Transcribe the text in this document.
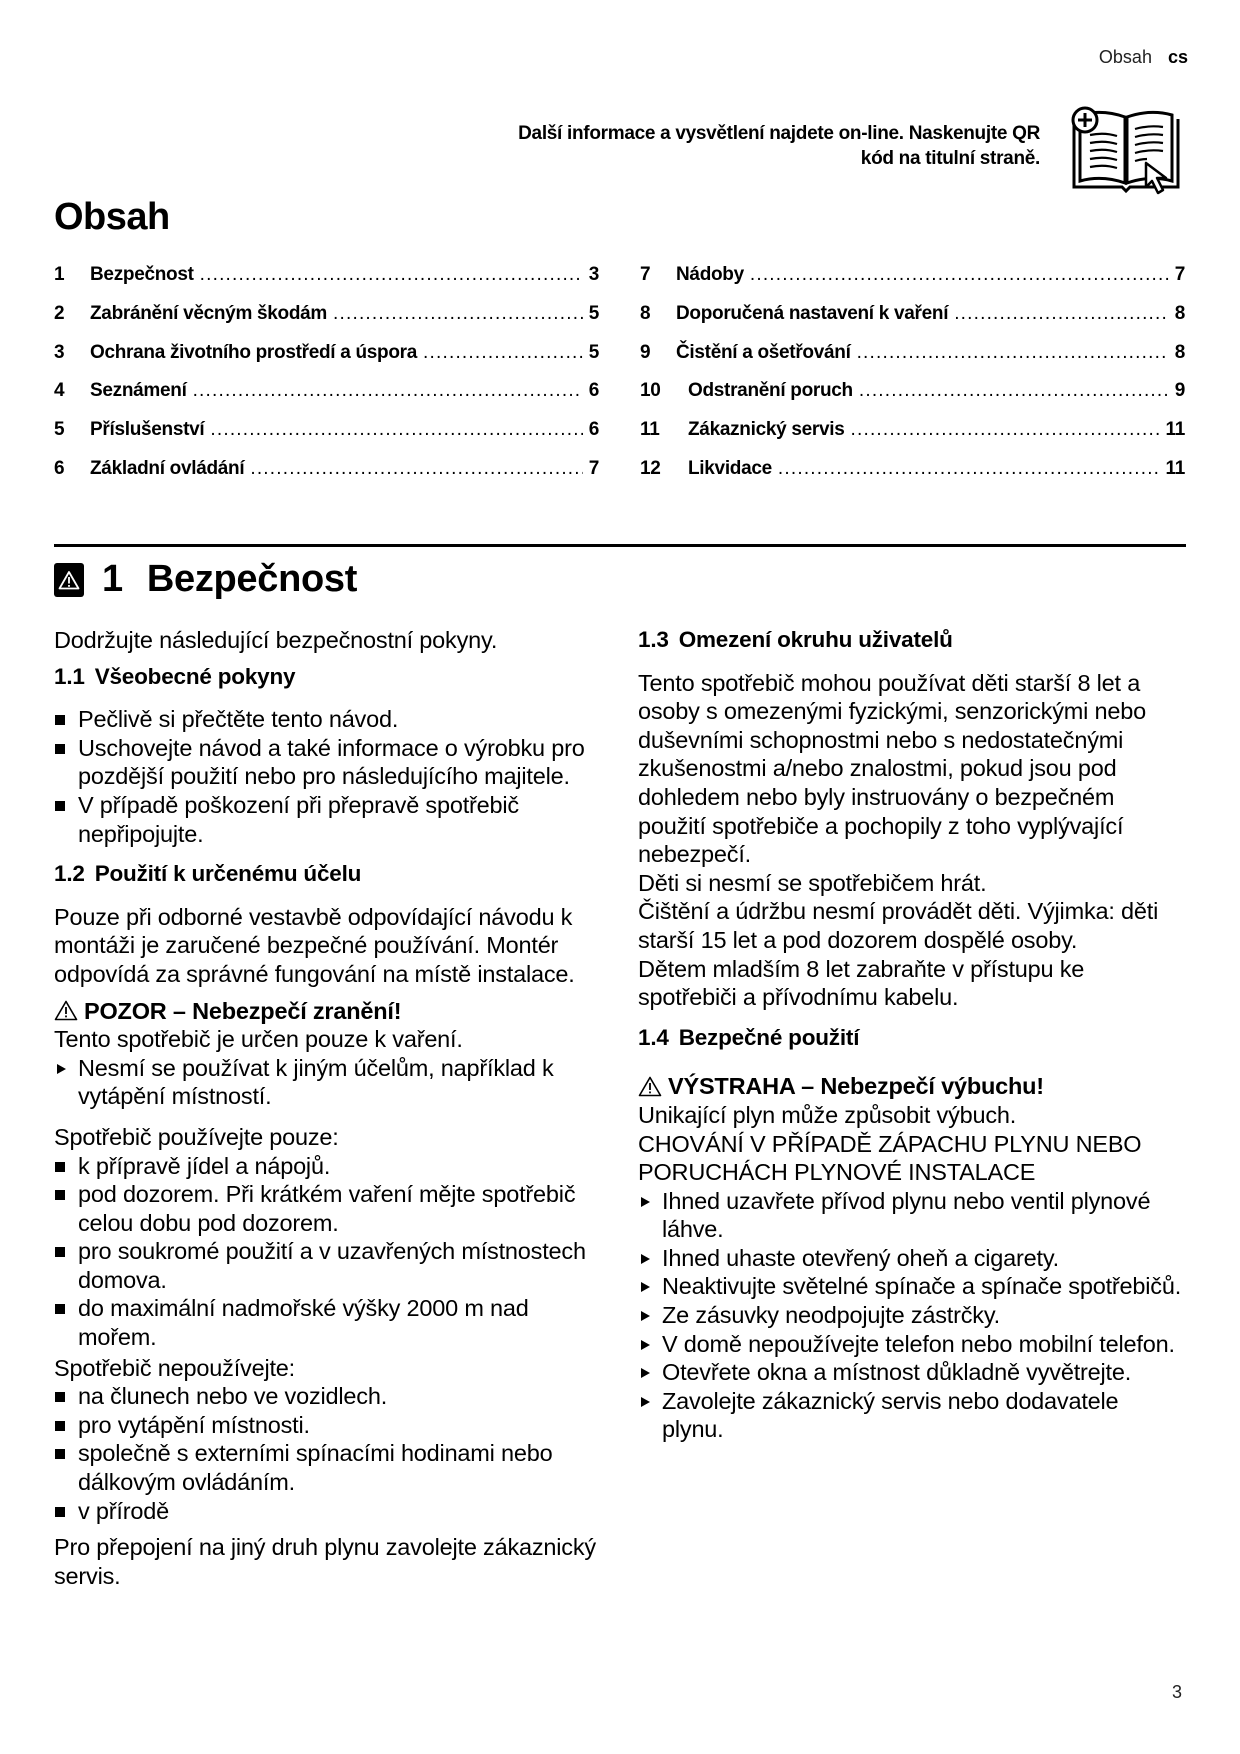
Obsah cs
Další informace a vysvětlení najdete on-line. Naskenujte QR
kód na titulní straně.
Obsah
1	Bezpečnost .....	3
2	Zabránění věcným škodám .....	5
3	Ochrana životního prostředí a úspora .....	5
4	Seznámení .....	6
5	Příslušenství .....	6
6	Základní ovládání .....	7
7	Nádoby .....	7
8	Doporučená nastavení k vaření .....	8
9	Čistění a ošetřování .....	8
10	Odstranění poruch .....	9
11	Zákaznický servis .....	11
12	Likvidace .....	11
1 Bezpečnost

Dodržujte následující bezpečnostní pokyny.

1.1 Všeobecné pokyny
Pečlivě si přečtěte tento návod.
Uschovejte návod a také informace o výrobku pro pozdější použití nebo pro následujícího majitele.
V případě poškození při přepravě spotřebič nepřipojujte.
1.2 Použití k určenému účelu

Pouze při odborné vestavbě odpovídající návodu k montáži je zaručené bezpečné používání. Montér odpovídá za správné fungování na místě instalace.

POZOR – Nebezpečí zranění!

Tento spotřebič je určen pouze k vaření.

Nesmí se používat k jiným účelům, například k vytápění místností.

Spotřebič používejte pouze:

k přípravě jídel a nápojů.
pod dozorem. Při krátkém vaření mějte spotřebič celou dobu pod dozorem.
pro soukromé použití a v uzavřených místnostech domova.
do maximální nadmořské výšky 2000 m nad mořem.

Spotřebič nepoužívejte:

na člunech nebo ve vozidlech.
pro vytápění místnosti.
společně s externími spínacími hodinami nebo dálkovým ovládáním.
v přírodě

Pro přepojení na jiný druh plynu zavolejte zákaznický servis.

1.3 Omezení okruhu uživatelů

Tento spotřebič mohou používat děti starší 8 let a osoby s omezenými fyzickými, senzorickými nebo duševními schopnostmi nebo s nedostatečnými zkušenostmi a/nebo znalostmi, pokud jsou pod dohledem nebo byly instruovány o bezpečném použití spotřebiče a pochopily z toho vyplývající nebezpečí.

Děti si nesmí se spotřebičem hrát.

Čištění a údržbu nesmí provádět děti. Výjimka: děti starší 15 let a pod dozorem dospělé osoby.

Dětem mladším 8 let zabraňte v přístupu ke spotřebiči a přívodnímu kabelu.

1.4 Bezpečné použití
VÝSTRAHA – Nebezpečí výbuchu!

Unikající plyn může způsobit výbuch.

CHOVÁNÍ V PŘÍPADĚ ZÁPACHU PLYNU NEBO PORUCHÁCH PLYNOVÉ INSTALACE

Ihned uzavřete přívod plynu nebo ventil plynové láhve.
Ihned uhaste otevřený oheň a cigarety.
Neaktivujte světelné spínače a spínače spotřebičů.
Ze zásuvky neodpojujte zástrčky.
V domě nepoužívejte telefon nebo mobilní telefon.
Otevřete okna a místnost důkladně vyvětrejte.
Zavolejte zákaznický servis nebo dodavatele plynu.
3
